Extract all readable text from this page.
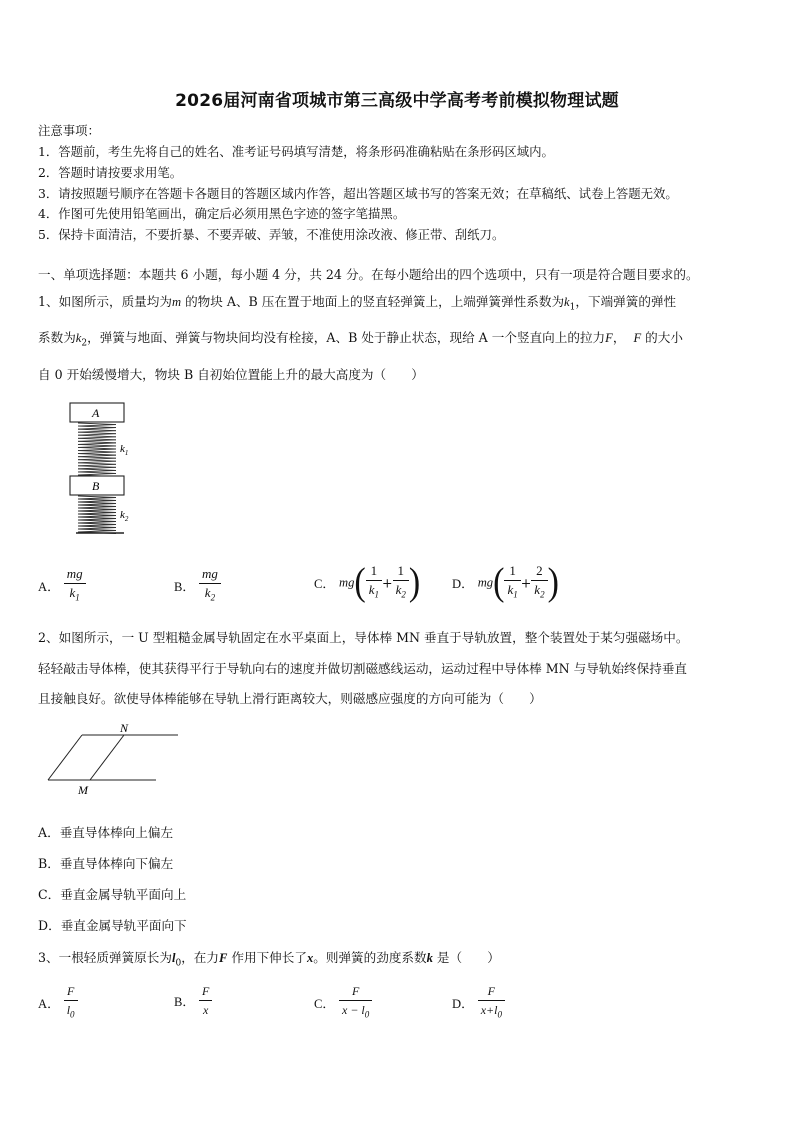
2026届河南省项城市第三高级中学高考考前模拟物理试题
注意事项：
1．答题前，考生先将自己的姓名、准考证号码填写清楚，将条形码准确粘贴在条形码区域内。
2．答题时请按要求用笔。
3．请按照题号顺序在答题卡各题目的答题区域内作答，超出答题区域书写的答案无效；在草稿纸、试卷上答题无效。
4．作图可先使用铅笔画出，确定后必须用黑色字迹的签字笔描黑。
5．保持卡面清洁，不要折暴、不要弄破、弄皱，不准使用涂改液、修正带、刮纸刀。
一、单项选择题：本题共 6 小题，每小题 4 分，共 24 分。在每小题给出的四个选项中，只有一项是符合题目要求的。
1、如图所示，质量均为m 的物块 A、B 压在置于地面上的竖直轻弹簧上，上端弹簧弹性系数为$k_1$，下端弹簧的弹性
系数为$k_2$，弹簧与地面、弹簧与物块间均没有栓接，A、B 处于静止状态，现给 A 一个竖直向上的拉力F， F 的大小
自 0 开始缓慢增大，物块 B 自初始位置能上升的最大高度为（　　）
A
$k_1$
B
$k_2$
A． $\frac{mg}{k_1}$	B． $\frac{mg}{k_2}$	C． $mg( \frac{1}{k_1} + \frac{1}{k_2}$ )	D． $mg( \frac{1}{k_1} + \frac{2}{k_2}$ )
2、如图所示，一 U 型粗糙金属导轨固定在水平桌面上，导体棒 MN 垂直于导轨放置，整个装置处于某匀强磁场中。
轻轻敲击导体棒，使其获得平行于导轨向右的速度并做切割磁感线运动，运动过程中导体棒 MN 与导轨始终保持垂直
且接触良好。欲使导体棒能够在导轨上滑行距离较大，则磁感应强度的方向可能为（　　）
N
M
A．垂直导体棒向上偏左
B．垂直导体棒向下偏左
C．垂直金属导轨平面向上
D．垂直金属导轨平面向下
3、一根轻质弹簧原长为$l_0$，在力F 作用下伸长了x。则弹簧的劲度系数k 是（　　）
A． $\frac{F}{l_0}$	B． $\frac{F}{x}$	C． $\frac{F}{x - l_0}$	D． $\frac{F}{x+l_0}$
